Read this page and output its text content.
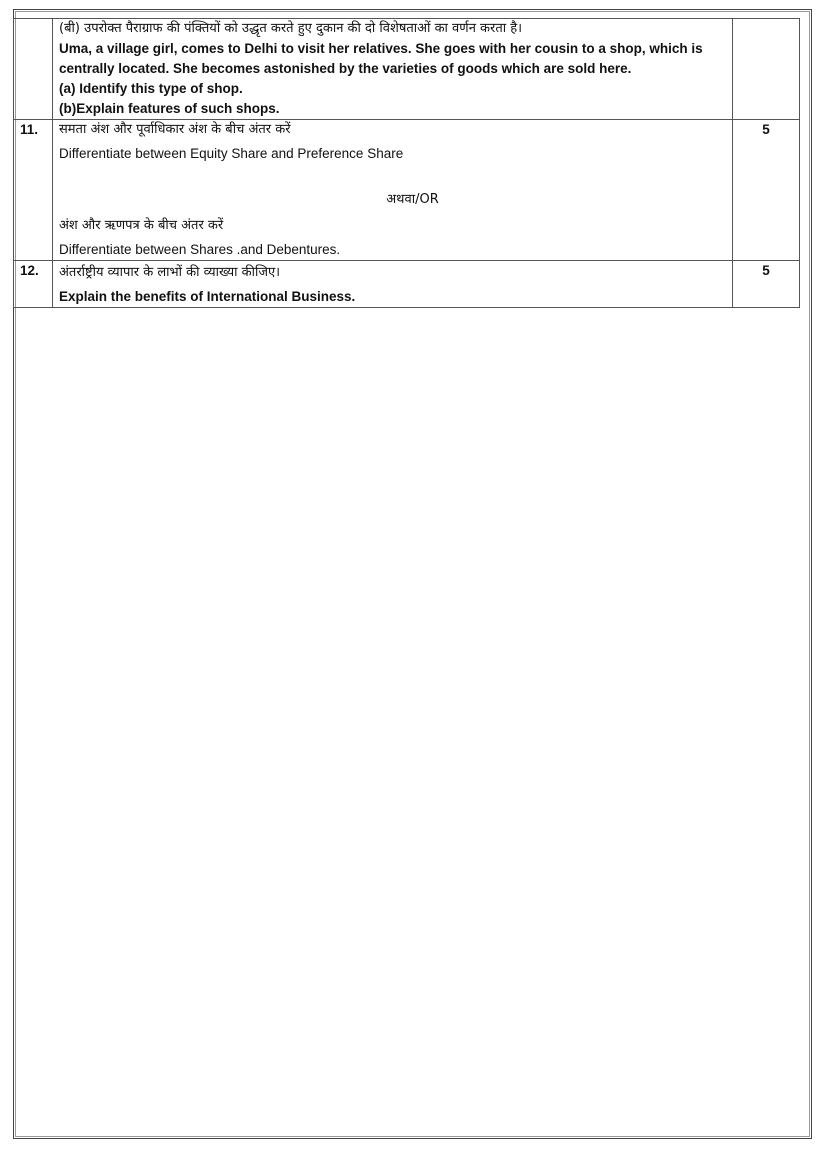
	(बी) उपरोक्त पैराग्राफ की पंक्तियों को उद्धृत करते हुए दुकान की दो विशेषताओं का वर्णन करता है।
Uma, a village girl, comes to Delhi to visit her relatives. She goes with her cousin to a shop, which is centrally located. She becomes astonished by the varieties of goods which are sold here.
(a) Identify this type of shop.
(b)Explain features of such shops.	

11.	समता अंश और पूर्वाधिकार अंश के बीच अंतर करें
Differentiate between Equity Share and Preference Share
अथवा/OR
अंश और ऋणपत्र के बीच अंतर करें
Differentiate between Shares .and Debentures.	5
12.	अंतर्राष्ट्रीय व्यापार के लाभों की व्याख्या कीजिए।
Explain the benefits of International Business.	5
